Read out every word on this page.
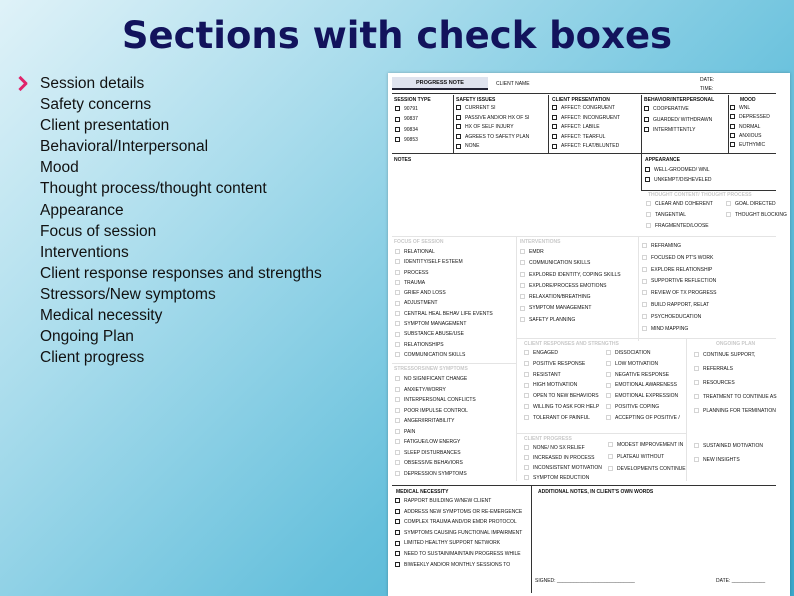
Sections with check boxes
Session details
Safety concerns
Client presentation
Behavioral/Interpersonal
Mood
Thought process/thought content
Appearance
Focus of session
Interventions
Client response responses and strengths
Stressors/New symptoms
Medical necessity
Ongoing Plan
Client progress
PROGRESS NOTE	CLIENT NAME
DATE:
TIME:
SESSION TYPE
90791
90837
90834
90853
SAFETY ISSUES
CURRENT SI
PASSIVE AND/OR HX OF SI
HX OF SELF INJURY
AGREES TO SAFETY PLAN
NONE
CLIENT PRESENTATION
AFFECT: CONGRUENT
AFFECT: INCONGRUENT
AFFECT: LABILE
AFFECT: TEARFUL
AFFECT: FLAT/BLUNTED
BEHAVIOR/INTERPERSONAL
COOPERATIVE
GUARDED/ WITHDRAWN
INTERMITTENTLY
MOOD
WNL
DEPRESSED
NORMAL
ANXIOUS
EUTHYMIC
NOTES	APPEARANCE
WELL-GROOMED/ WNL
UNKEMPT/DISHEVELED
THOUGHT CONTENT/ THOUGHT PROCESS
CLEAR AND COHERENT
TANGENTIAL
FRAGMENTED/LOOSE
GOAL DIRECTED
THOUGHT BLOCKING
FOCUS OF SESSION
RELATIONAL
IDENTITY/SELF ESTEEM
PROCESS
TRAUMA
GRIEF AND LOSS
ADJUSTMENT
CENTRAL HEAL BEHAV LIFE EVENTS
SYMPTOM MANAGEMENT
SUBSTANCE ABUSE/USE
RELATIONSHIPS
COMMUNICATION SKILLS
INTERVENTIONS
EMDR
COMMUNICATION SKILLS
EXPLORED IDENTITY, COPING SKILLS
EXPLORE/PROCESS EMOTIONS
RELAXATION/BREATHING
SYMPTOM MANAGEMENT
SAFETY PLANNING
REFRAMING
FOCUSED ON PT'S WORK
EXPLORE RELATIONSHIP
SUPPORTIVE REFLECTION
REVIEW OF TX PROGRESS
BUILD RAPPORT, RELAT
PSYCHOEDUCATION
MIND MAPPING
STRESSORS/NEW SYMPTOMS
NO SIGNIFICANT CHANGE
ANXIETY/WORRY
INTERPERSONAL CONFLICTS
POOR IMPULSE CONTROL
ANGER/IRRITABILITY
PAIN
FATIGUE/LOW ENERGY
SLEEP DISTURBANCES
OBSESSIVE BEHAVIORS
DEPRESSION SYMPTOMS
CLIENT RESPONSES AND STRENGTHS
ENGAGED
POSITIVE RESPONSE
RESISTANT
HIGH MOTIVATION
OPEN TO NEW BEHAVIORS
WILLING TO ASK FOR HELP
TOLERANT OF PAINFUL
DISSOCIATION
LOW MOTIVATION
NEGATIVE RESPONSE
EMOTIONAL AWARENESS
EMOTIONAL EXPRESSION
POSITIVE COPING
ACCEPTING OF POSITIVE /
ONGOING PLAN
CONTINUE SUPPORT,
REFERRALS
RESOURCES
TREATMENT TO CONTINUE AS
PLANNING FOR TERMINATION
CLIENT PROGRESS
NONE/ NO SX RELIEF
INCREASED IN PROCESS
INCONSISTENT MOTIVATION
SYMPTOM REDUCTION
MODEST IMPROVEMENT IN
PLATEAU WITHOUT
DEVELOPMENTS CONTINUE
SUSTAINED MOTIVATION
NEW INSIGHTS
MEDICAL NECESSITY
RAPPORT BUILDING W/NEW CLIENT
ADDRESS NEW SYMPTOMS OR RE-EMERGENCE
COMPLEX TRAUMA AND/OR EMDR PROTOCOL
SYMPTOMS CAUSING FUNCTIONAL IMPAIRMENT
LIMITED HEALTHY SUPPORT NETWORK
NEED TO SUSTAIN/MAINTAIN PROGRESS WHILE
BIWEEKLY AND/OR MONTHLY SESSIONS TO
ADDITIONAL NOTES, IN CLIENT'S OWN WORDS
SIGNED: ____________________________	DATE: ____________
